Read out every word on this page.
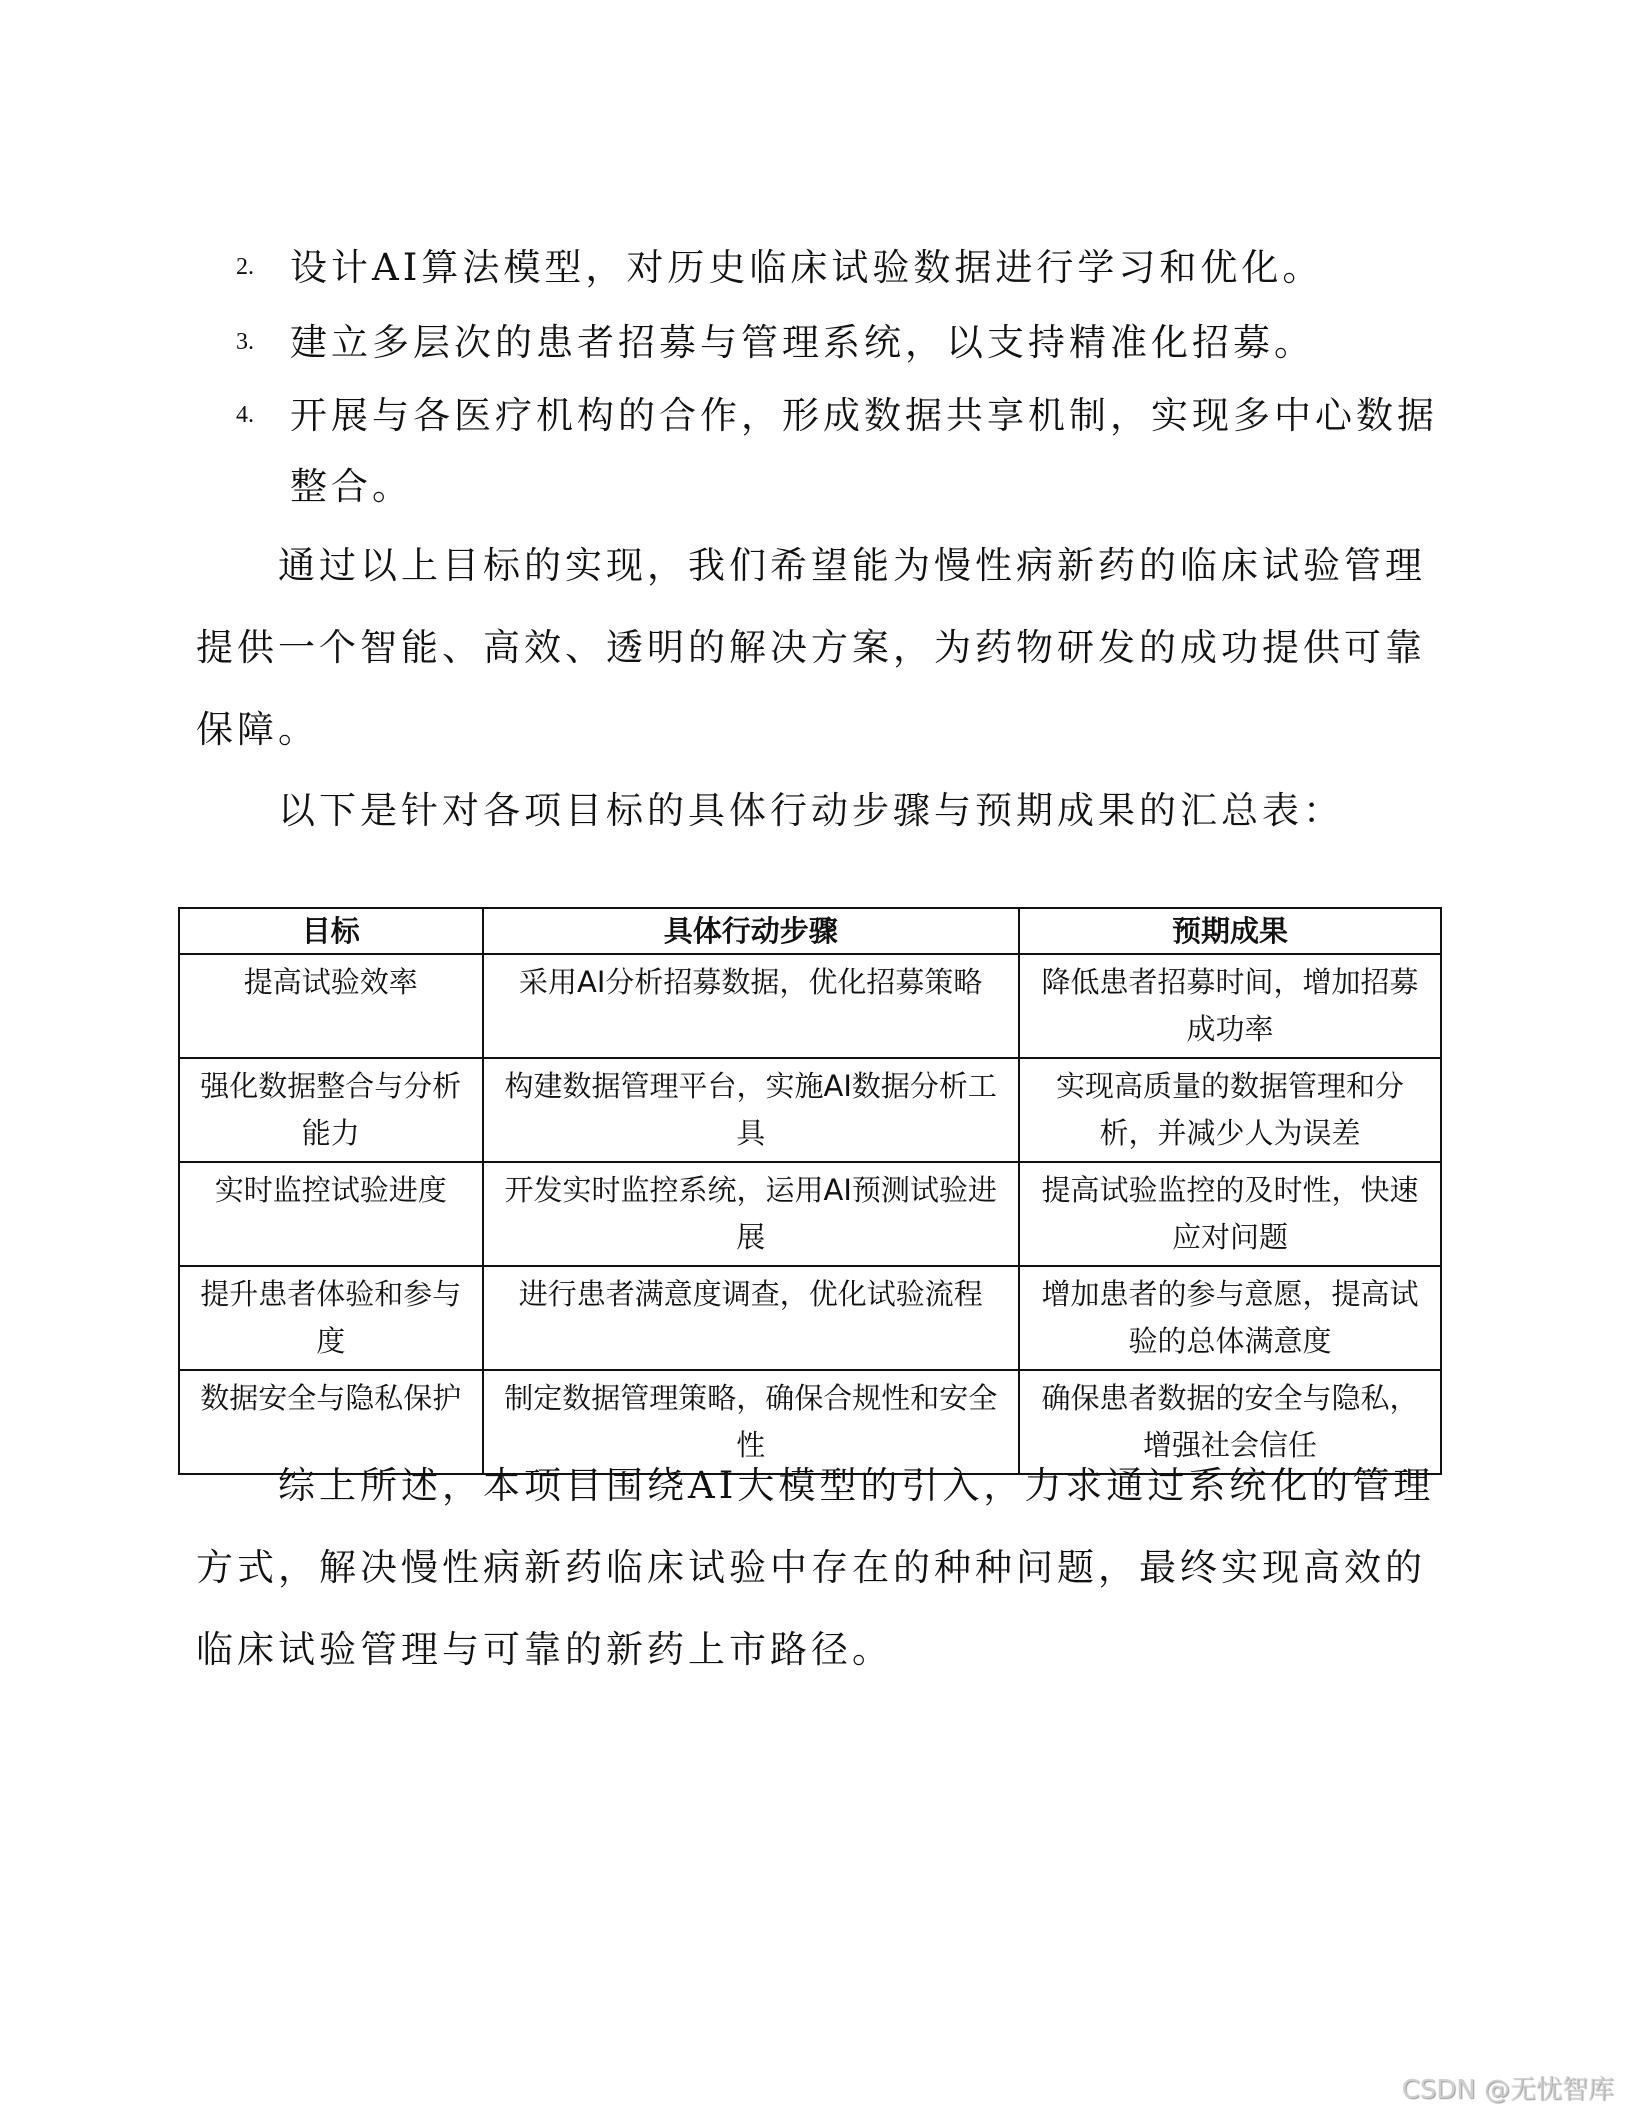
2. 设计AI算法模型，对历史临床试验数据进行学习和优化。
3. 建立多层次的患者招募与管理系统，以支持精准化招募。
4. 开展与各医疗机构的合作，形成数据共享机制，实现多中心数据整合。

通过以上目标的实现，我们希望能为慢性病新药的临床试验管理提供一个智能、高效、透明的解决方案，为药物研发的成功提供可靠保障。

以下是针对各项目标的具体行动步骤与预期成果的汇总表：

目标	具体行动步骤	预期成果
提高试验效率	采用AI分析招募数据，优化招募策略	降低患者招募时间，增加招募成功率
强化数据整合与分析能力	构建数据管理平台，实施AI数据分析工具	实现高质量的数据管理和分析，并减少人为误差
实时监控试验进度	开发实时监控系统，运用AI预测试验进展	提高试验监控的及时性，快速应对问题
提升患者体验和参与度	进行患者满意度调查，优化试验流程	增加患者的参与意愿，提高试验的总体满意度
数据安全与隐私保护	制定数据管理策略，确保合规性和安全性	确保患者数据的安全与隐私，增强社会信任

综上所述，本项目围绕AI大模型的引入，力求通过系统化的管理方式，解决慢性病新药临床试验中存在的种种问题，最终实现高效的临床试验管理与可靠的新药上市路径。

CSDN @无忧智库
